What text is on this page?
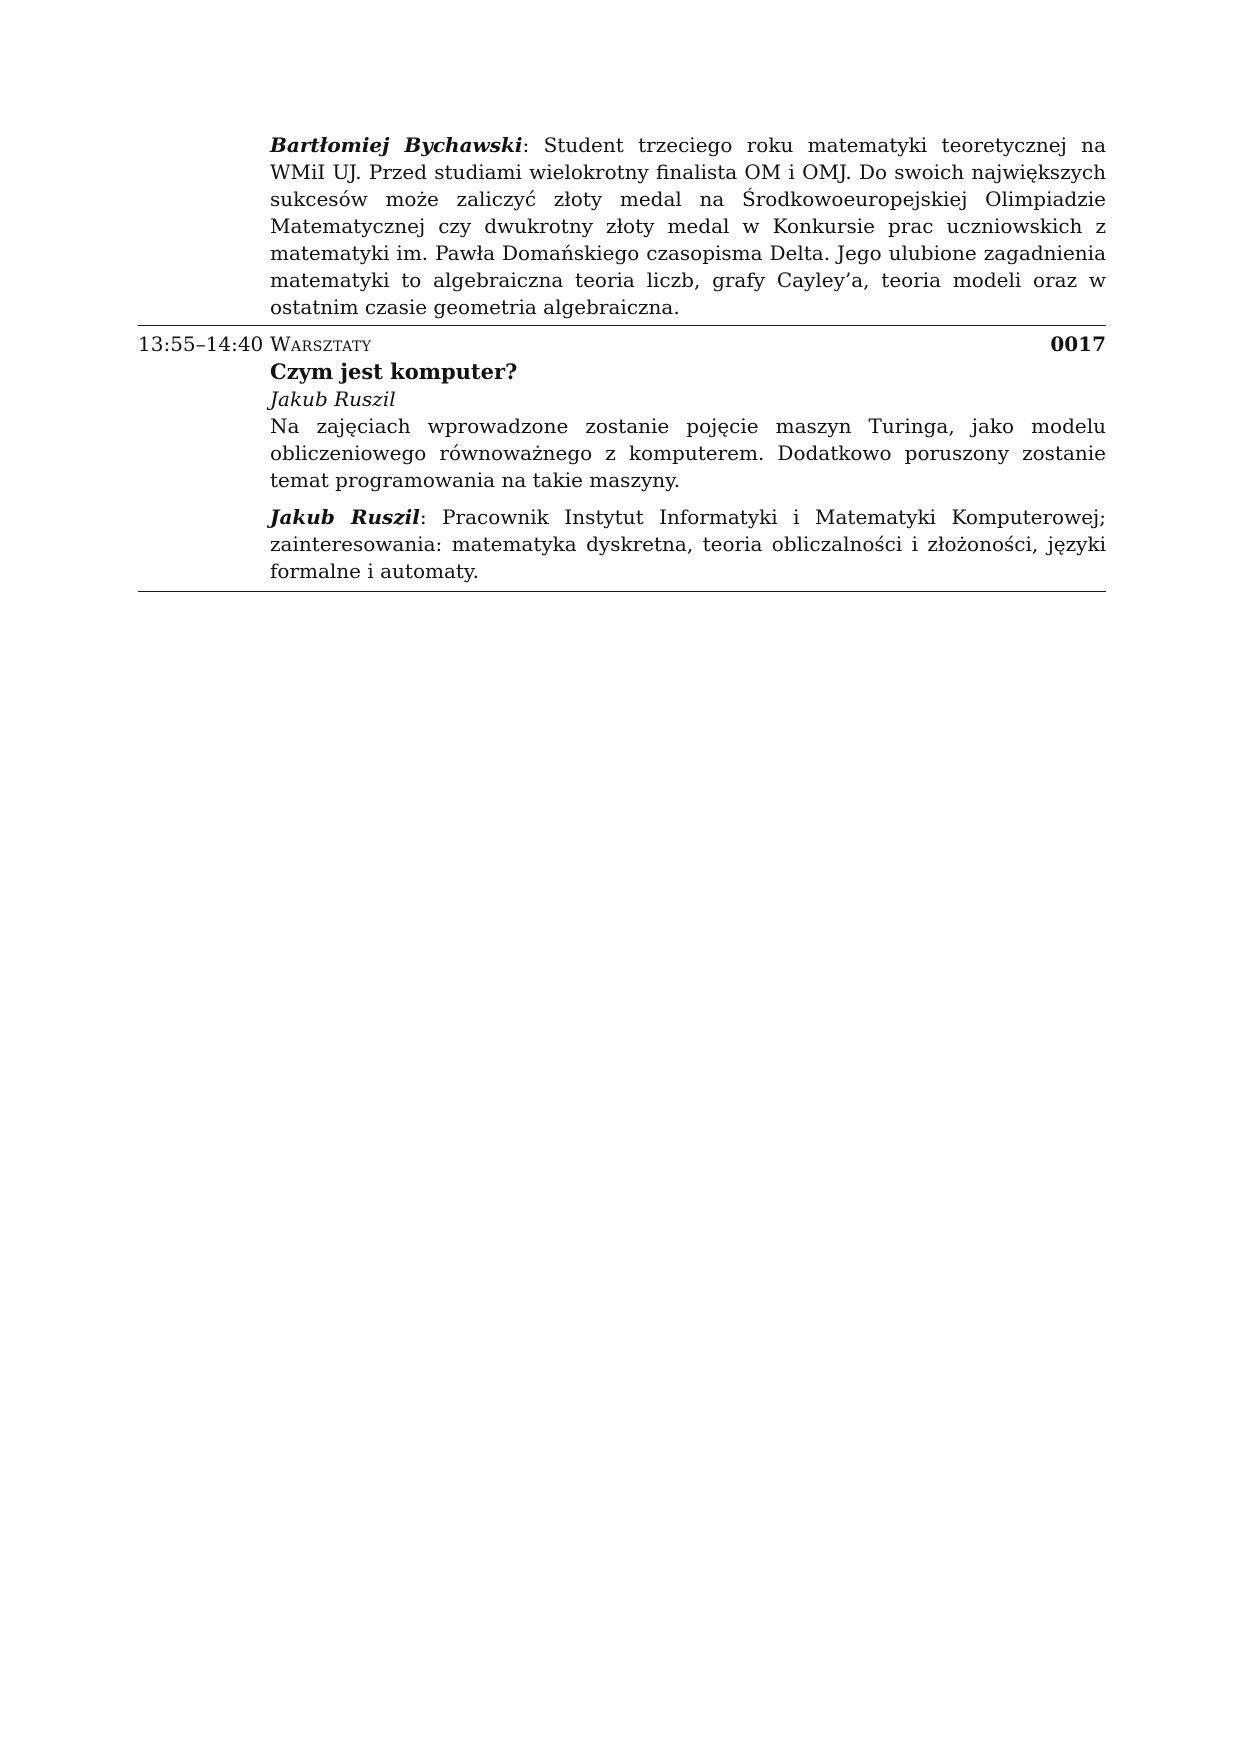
Bartłomiej Bychawski: Student trzeciego roku matematyki teoretycznej na WMiI UJ. Przed studiami wielokrotny finalista OM i OMJ. Do swoich największych sukcesów może zaliczyć złoty medal na Środkowoeuropejskiej Olimpiadzie Matematycznej czy dwukrotny złoty medal w Konkursie prac uczniowskich z matematyki im. Pawła Domańskiego czasopisma Delta. Jego ulubione zagadnienia matematyki to algebraiczna teoria liczb, grafy Cayley’a, teoria modeli oraz w ostatnim czasie geometria algebraiczna.

13:55–14:40 Warsztaty	0017
Czym jest komputer?
Jakub Ruszil

Na zajęciach wprowadzone zostanie pojęcie maszyn Turinga, jako modelu obliczeniowego równoważnego z komputerem. Dodatkowo poruszony zostanie temat programowania na takie maszyny.

Jakub Ruszil: Pracownik Instytut Informatyki i Matematyki Komputerowej; zainteresowania: matematyka dyskretna, teoria obliczalności i złożoności, języki formalne i automaty.
